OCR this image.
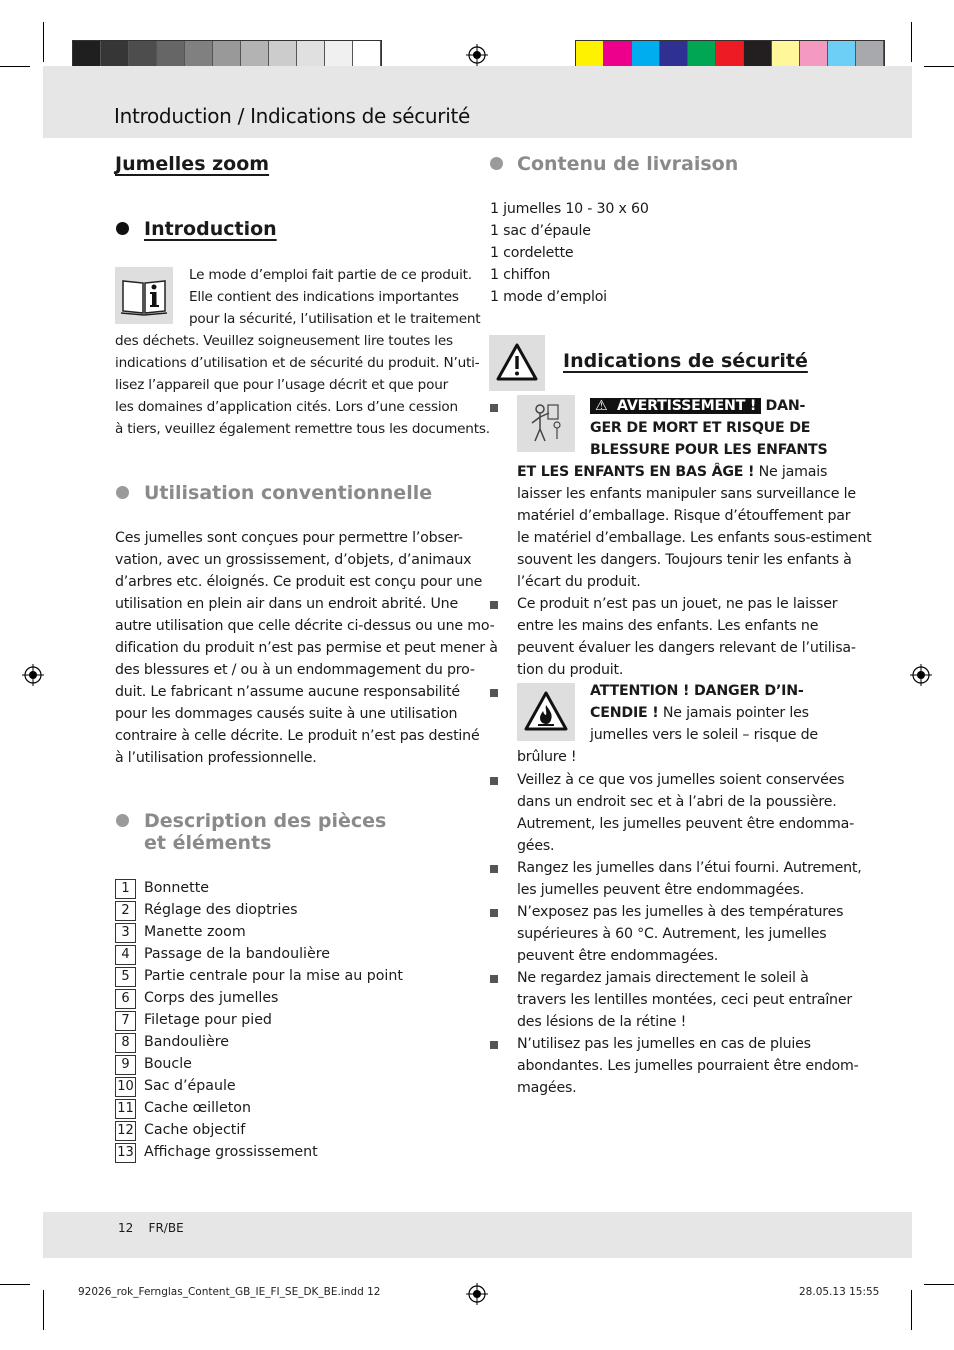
Introduction / Indications de sécurité
Jumelles zoom
Introduction
Le mode d’emploi fait partie de ce produit.
Elle contient des indications importantes
pour la sécurité, l’utilisation et le traitement
des déchets. Veuillez soigneusement lire toutes les
indications d’utilisation et de sécurité du produit. N’uti-
lisez l’appareil que pour l’usage décrit et que pour
les domaines d’application cités. Lors d’une cession
à tiers, veuillez également remettre tous les documents.
Utilisation conventionnelle
Ces jumelles sont conçues pour permettre l’obser-
vation, avec un grossissement, d’objets, d’animaux
d’arbres etc. éloignés. Ce produit est conçu pour une
utilisation en plein air dans un endroit abrité. Une
autre utilisation que celle décrite ci-dessus ou une mo-
dification du produit n’est pas permise et peut mener à
des blessures et / ou à un endommagement du pro-
duit. Le fabricant n’assume aucune responsabilité
pour les dommages causés suite à une utilisation
contraire à celle décrite. Le produit n’est pas destiné
à l’utilisation professionnelle.
Description des pièces
et éléments
1	Bonnette
2	Réglage des dioptries
3	Manette zoom
4	Passage de la bandoulière
5	Partie centrale pour la mise au point
6	Corps des jumelles
7	Filetage pour pied
8	Bandoulière
9	Boucle
10 Sac d’épaule
11 Cache œilleton
12 Cache objectif
13 Affichage grossissement
Contenu de livraison
1 jumelles 10 - 30 x 60
1 sac d’épaule
1 cordelette
1 chiffon
1 mode d’emploi
Indications de sécurité
⚠  AVERTISSEMENT ! DAN-
GER DE MORT ET RISQUE DE
BLESSURE POUR LES ENFANTS
ET LES ENFANTS EN BAS ÂGE ! Ne jamais
laisser les enfants manipuler sans surveillance le
matériel d’emballage. Risque d’étouffement par
le matériel d’emballage. Les enfants sous-estiment
souvent les dangers. Toujours tenir les enfants à
l’écart du produit.
Ce produit n’est pas un jouet, ne pas le laisser
entre les mains des enfants. Les enfants ne
peuvent évaluer les dangers relevant de l’utilisa-
tion du produit.
ATTENTION ! DANGER D’IN-
CENDIE ! Ne jamais pointer les
jumelles vers le soleil – risque de
brûlure !
Veillez à ce que vos jumelles soient conservées
dans un endroit sec et à l’abri de la poussière.
Autrement, les jumelles peuvent être endomma-
gées.
Rangez les jumelles dans l’étui fourni. Autrement,
les jumelles peuvent être endommagées.
N’exposez pas les jumelles à des températures
supérieures à 60 °C. Autrement, les jumelles
peuvent être endommagées.
Ne regardez jamais directement le soleil à
travers les lentilles montées, ceci peut entraîner
des lésions de la rétine !
N’utilisez pas les jumelles en cas de pluies
abondantes. Les jumelles pourraient être endom-
magées.
12 FR/BE
92026_rok_Fernglas_Content_GB_IE_FI_SE_DK_BE.indd 12	28.05.13 15:55
